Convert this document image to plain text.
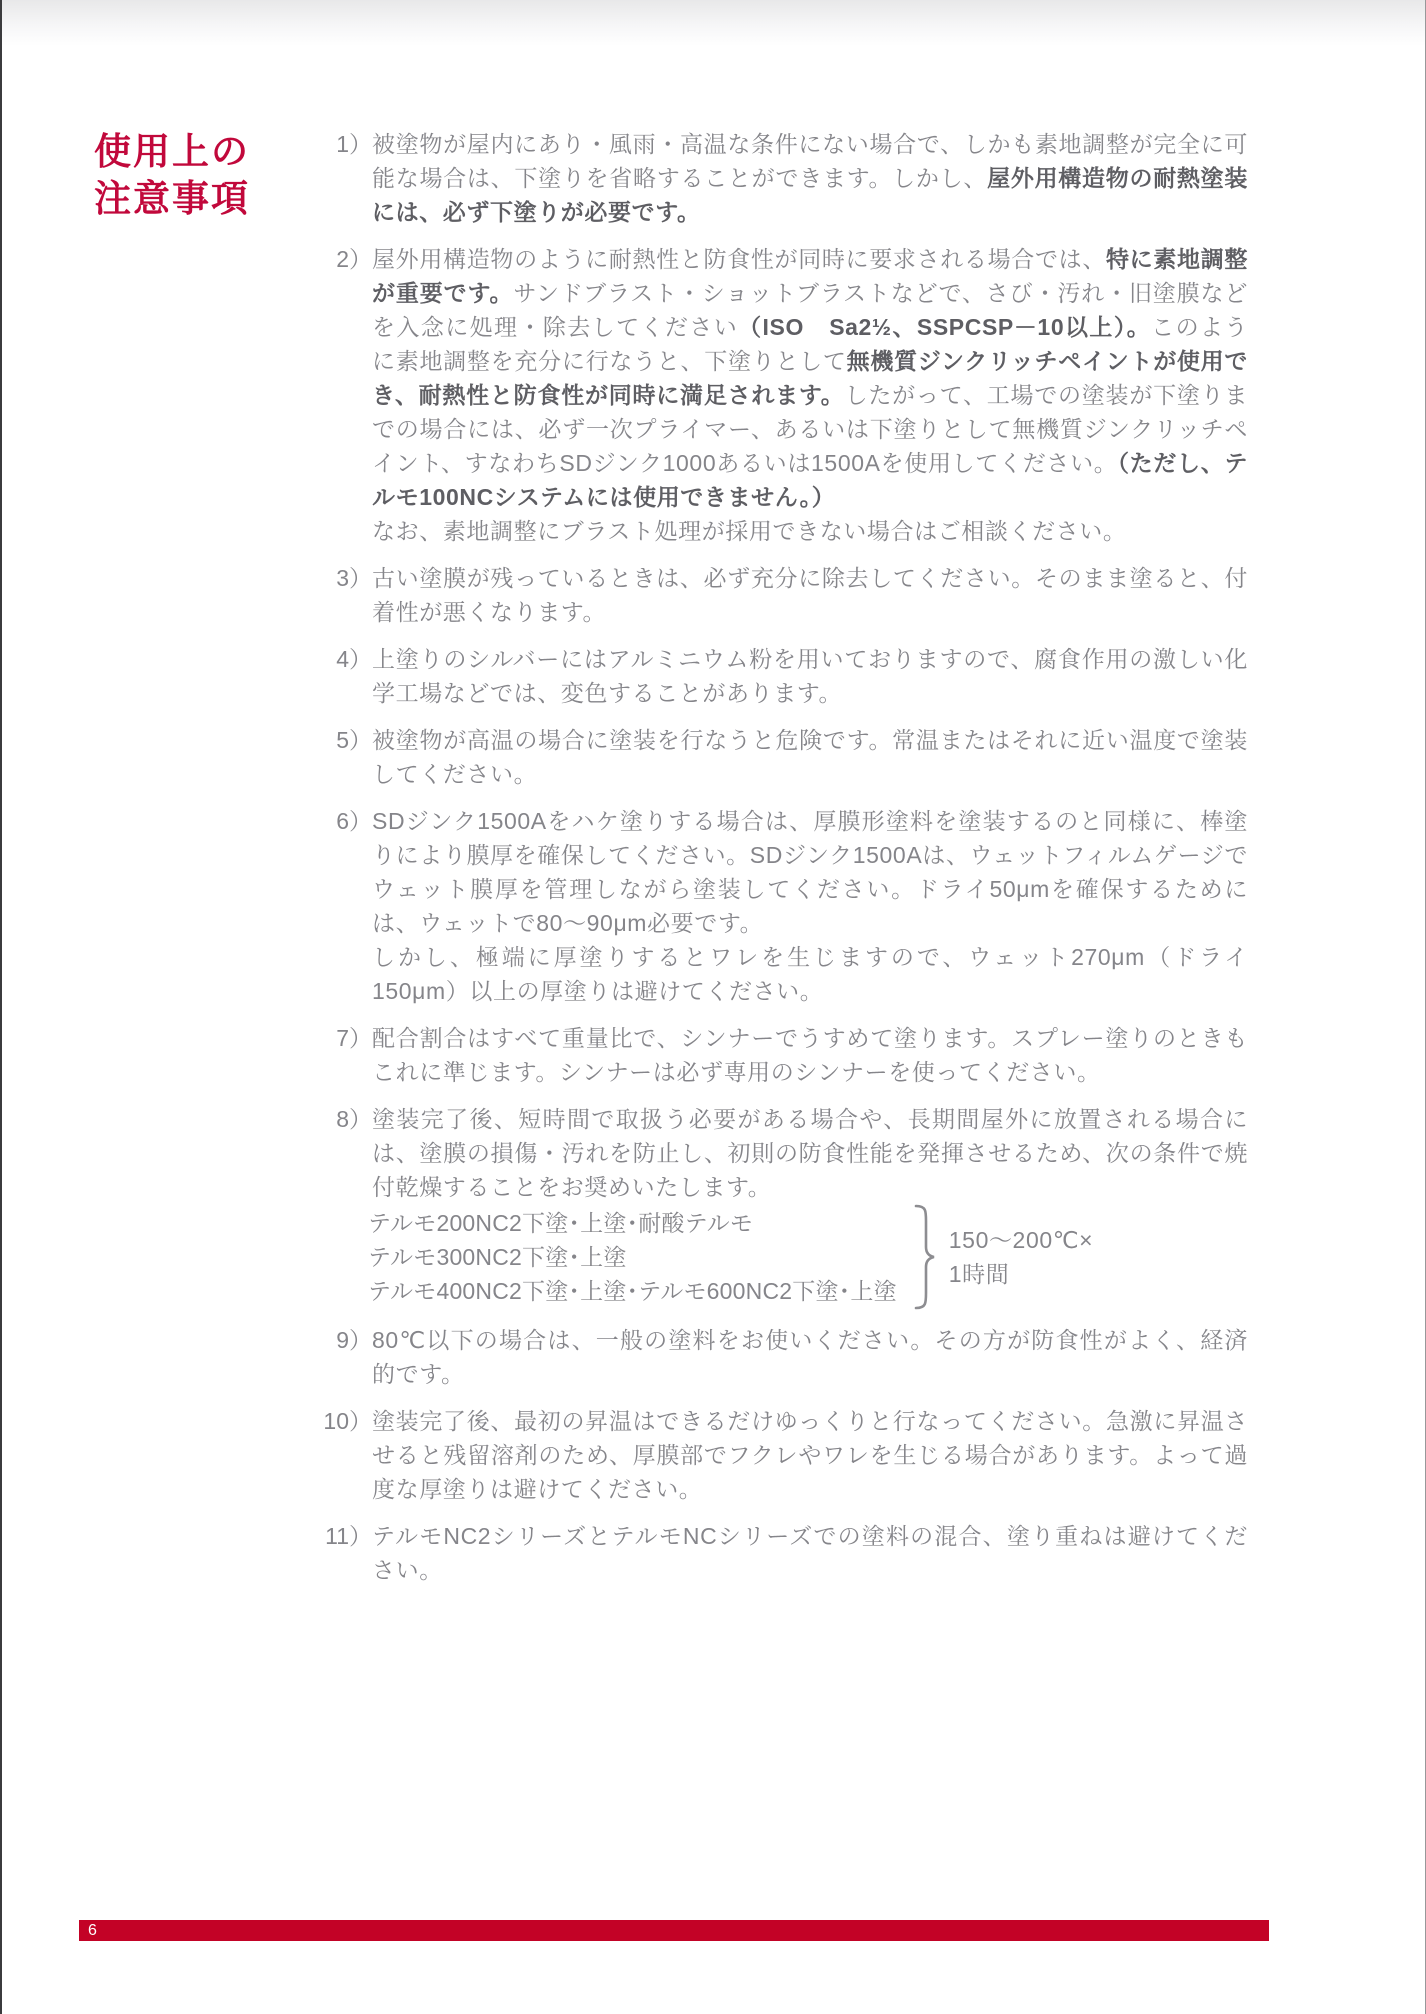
使用上の
注意事項
1） 被塗物が屋内にあり・風雨・高温な条件にない場合で、しかも素地調整が完全に可能な場合は、下塗りを省略することができます。しかし、屋外用構造物の耐熱塗装には、必ず下塗りが必要です。
2） 屋外用構造物のように耐熱性と防食性が同時に要求される場合では、特に素地調整が重要です。サンドブラスト・ショットブラストなどで、さび・汚れ・旧塗膜などを入念に処理・除去してください（ISO　Sa2½、SSPCSP－10以上）。このように素地調整を充分に行なうと、下塗りとして無機質ジンクリッチペイントが使用でき、耐熱性と防食性が同時に満足されます。したがって、工場での塗装が下塗りまでの場合には、必ず一次プライマー、あるいは下塗りとして無機質ジンクリッチペイント、すなわちSDジンク1000あるいは1500Aを使用してください。（ただし、テルモ100NCシステムには使用できません。）
なお、素地調整にブラスト処理が採用できない場合はご相談ください。
3） 古い塗膜が残っているときは、必ず充分に除去してください。そのまま塗ると、付着性が悪くなります。
4） 上塗りのシルバーにはアルミニウム粉を用いておりますので、腐食作用の激しい化学工場などでは、変色することがあります。
5） 被塗物が高温の場合に塗装を行なうと危険です。常温またはそれに近い温度で塗装してください。
6） SDジンク1500Aをハケ塗りする場合は、厚膜形塗料を塗装するのと同様に、棒塗りにより膜厚を確保してください。SDジンク1500Aは、ウェットフィルムゲージでウェット膜厚を管理しながら塗装してください。ドライ50μmを確保するためには、ウェットで80〜90μm必要です。
しかし、極端に厚塗りするとワレを生じますので、ウェット270μm（ドライ150μm）以上の厚塗りは避けてください。
7） 配合割合はすべて重量比で、シンナーでうすめて塗ります。スプレー塗りのときもこれに準じます。シンナーは必ず専用のシンナーを使ってください。
8） 塗装完了後、短時間で取扱う必要がある場合や、長期間屋外に放置される場合には、塗膜の損傷・汚れを防止し、初則の防食性能を発揮させるため、次の条件で焼付乾燥することをお奨めいたします。
テルモ200NC2下塗･上塗･耐酸テルモ
テルモ300NC2下塗･上塗
テルモ400NC2下塗･上塗･テルモ600NC2下塗･上塗
150〜200℃×
1時間
9） 80℃以下の場合は、一般の塗料をお使いください。その方が防食性がよく、経済的です。
10） 塗装完了後、最初の昇温はできるだけゆっくりと行なってください。急激に昇温させると残留溶剤のため、厚膜部でフクレやワレを生じる場合があります。よって過度な厚塗りは避けてください。
11） テルモNC2シリーズとテルモNCシリーズでの塗料の混合、塗り重ねは避けてください。
6
